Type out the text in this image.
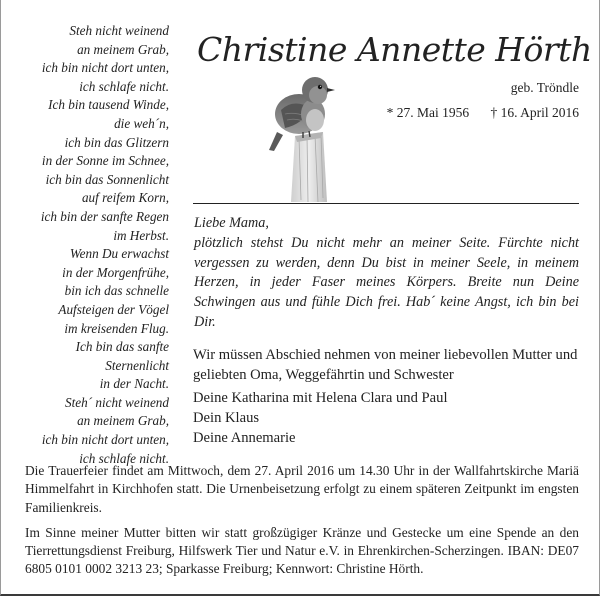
Steh nicht weinend
an meinem Grab,
ich bin nicht dort unten,
ich schlafe nicht.
Ich bin tausend Winde,
die weh´n,
ich bin das Glitzern
in der Sonne im Schnee,
ich bin das Sonnenlicht
auf reifem Korn,
ich bin der sanfte Regen
im Herbst.
Wenn Du erwachst
in der Morgenfrühe,
bin ich das schnelle
Aufsteigen der Vögel
im kreisenden Flug.
Ich bin das sanfte
Sternenlicht
in der Nacht.
Steh´ nicht weinend
an meinem Grab,
ich bin nicht dort unten,
ich schlafe nicht.
Christine Annette Hörth
geb. Tröndle
* 27. Mai 1956 † 16. April 2016
Liebe Mama,
plötzlich stehst Du nicht mehr an meiner Seite. Fürchte nicht vergessen zu werden, denn Du bist in meiner Seele, in meinem Herzen, in jeder Faser meines Körpers. Breite nun Deine Schwingen aus und fühle Dich frei. Hab´ keine Angst, ich bin bei Dir.
Wir müssen Abschied nehmen von meiner liebevollen Mutter und geliebten Oma, Weggefährtin und Schwester
Deine Katharina mit Helena Clara und Paul
Dein Klaus
Deine Annemarie

Die Trauerfeier findet am Mittwoch, dem 27. April 2016 um 14.30 Uhr in der Wallfahrtskirche Mariä Himmelfahrt in Kirchhofen statt. Die Urnenbeisetzung erfolgt zu einem späteren Zeitpunkt im engsten Familienkreis.

Im Sinne meiner Mutter bitten wir statt großzügiger Kränze und Gestecke um eine Spende an den Tierrettungsdienst Freiburg, Hilfswerk Tier und Natur e.V. in Ehrenkirchen-Scherzingen. IBAN: DE07 6805 0101 0002 3213 23; Sparkasse Freiburg; Kennwort: Christine Hörth.
